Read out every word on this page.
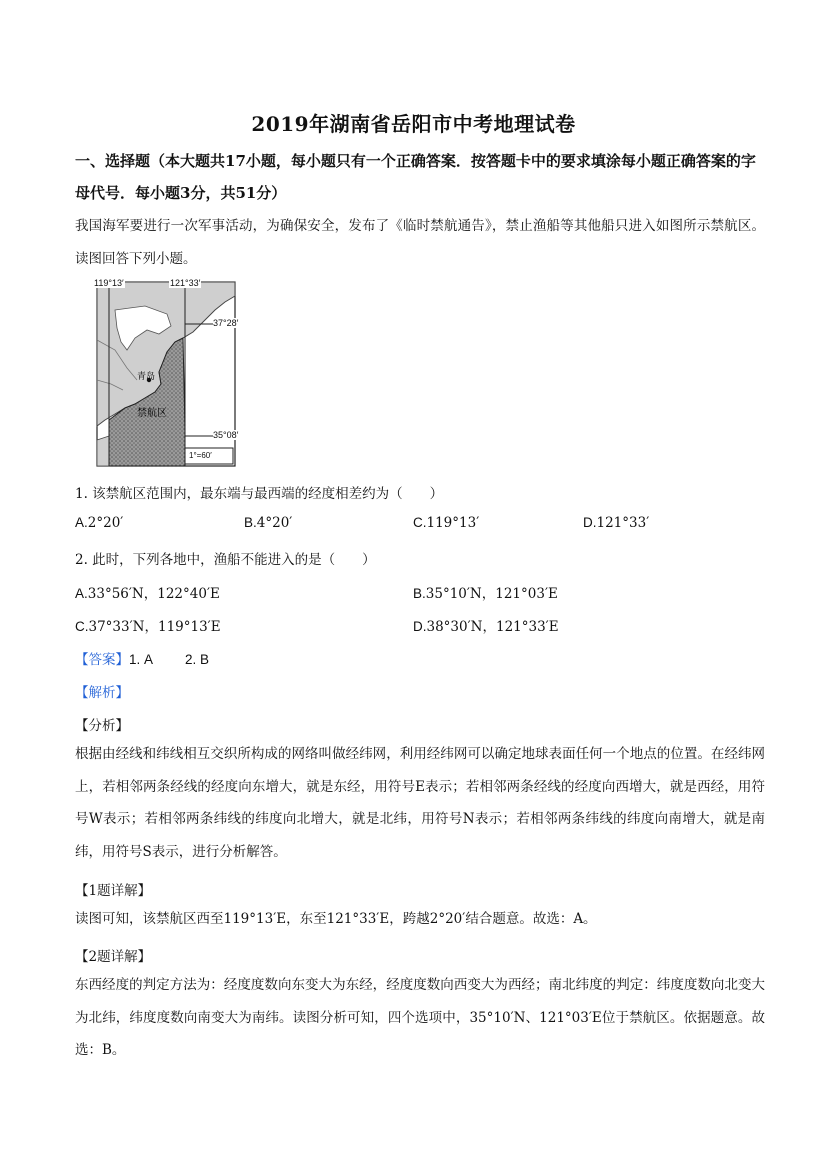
2019年湖南省岳阳市中考地理试卷
一、选择题（本大题共17小题，每小题只有一个正确答案．按答题卡中的要求填涂每小题正确答案的字母代号．每小题3分，共51分）
我国海军要进行一次军事活动，为确保安全，发布了《临时禁航通告》，禁止渔船等其他船只进入如图所示禁航区。读图回答下列小题。
119°13′	121°33′
37°28′
35°08′
青岛
禁航区
1°=60′
1. 该禁航区范围内，最东端与最西端的经度相差约为（　　）
A.2°20′	B.4°20′	C.119°13′	D.121°33′
2. 此时，下列各地中，渔船不能进入的是（　　）
A.33°56′N，122°40′E	B.35°10′N，121°03′E
C.37°33′N，119°13′E	D.38°30′N，121°33′E
【答案】1. A 2. B
【解析】
【分析】
根据由经线和纬线相互交织所构成的网络叫做经纬网，利用经纬网可以确定地球表面任何一个地点的位置。在经纬网上，若相邻两条经线的经度向东增大，就是东经，用符号E表示；若相邻两条经线的经度向西增大，就是西经，用符号W表示；若相邻两条纬线的纬度向北增大，就是北纬，用符号N表示；若相邻两条纬线的纬度向南增大，就是南纬，用符号S表示，进行分析解答。
【1题详解】
读图可知，该禁航区西至119°13′E，东至121°33′E，跨越2°20′结合题意。故选：A。
【2题详解】
东西经度的判定方法为：经度度数向东变大为东经，经度度数向西变大为西经；南北纬度的判定：纬度度数向北变大为北纬，纬度度数向南变大为南纬。读图分析可知，四个选项中，35°10′N、121°03′E位于禁航区。依据题意。故选：B。
